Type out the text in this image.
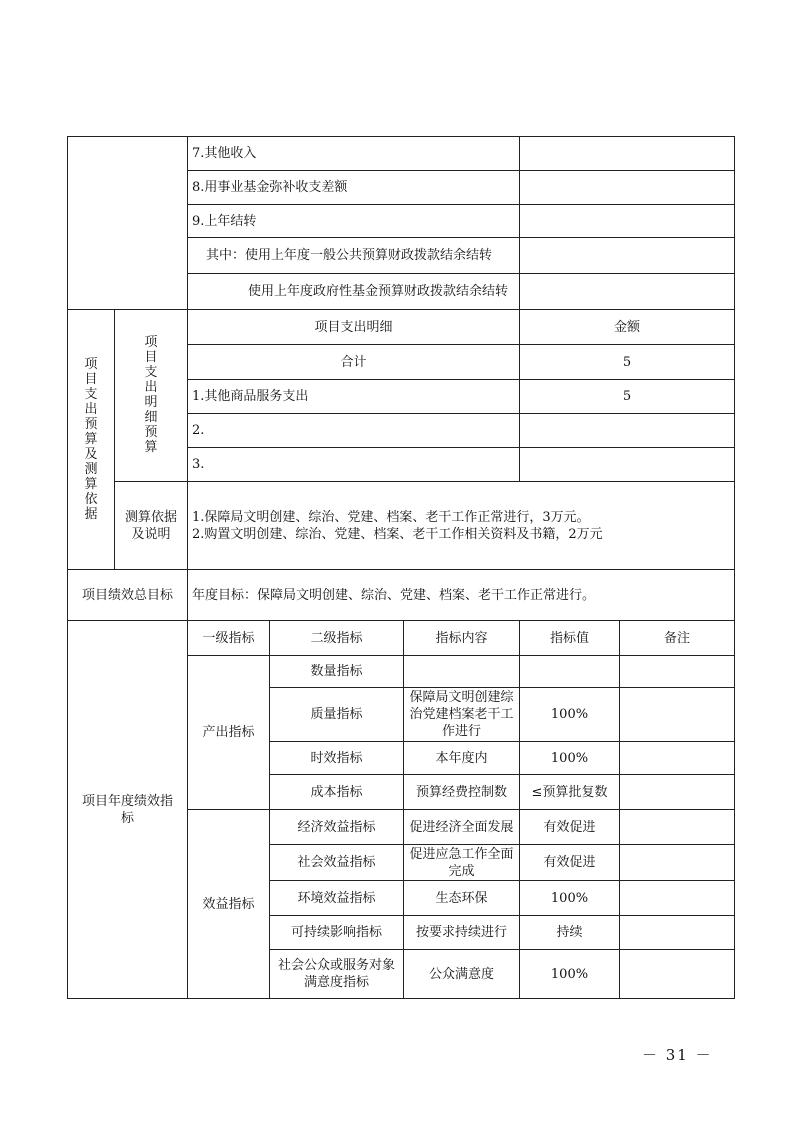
		7.其他收入				
		8.用事业基金弥补收支差额				
		9.上年结转				
		其中：使用上年度一般公共预算财政拨款结余结转				
		使用上年度政府性基金预算财政拨款结余结转				
项目支出预算及测算依据	项目支出明细预算	项目支出明细			金额	
		合计			5	
		1.其他商品服务支出			5	
		2.				
		3.				
	测算依据及说明	1.保障局文明创建、综治、党建、档案、老干工作正常进行，3万元。
2.购置文明创建、综治、党建、档案、老干工作相关资料及书籍，2万元				

项目绩效总目标		年度目标：保障局文明创建、综治、党建、档案、老干工作正常进行。				
项目年度绩效指标		一级指标	二级指标	指标内容	指标值	备注
		产出指标	数量指标			
			质量指标	保障局文明创建综治党建档案老干工作进行	100%	
			时效指标	本年度内	100%	
			成本指标	预算经费控制数	≤预算批复数	
		效益指标	经济效益指标	促进经济全面发展	有效促进	
			社会效益指标	促进应急工作全面完成	有效促进	
			环境效益指标	生态环保	100%	
			可持续影响指标	按要求持续进行	持续	
			社会公众或服务对象满意度指标	公众满意度	100%	
－ 31 －
